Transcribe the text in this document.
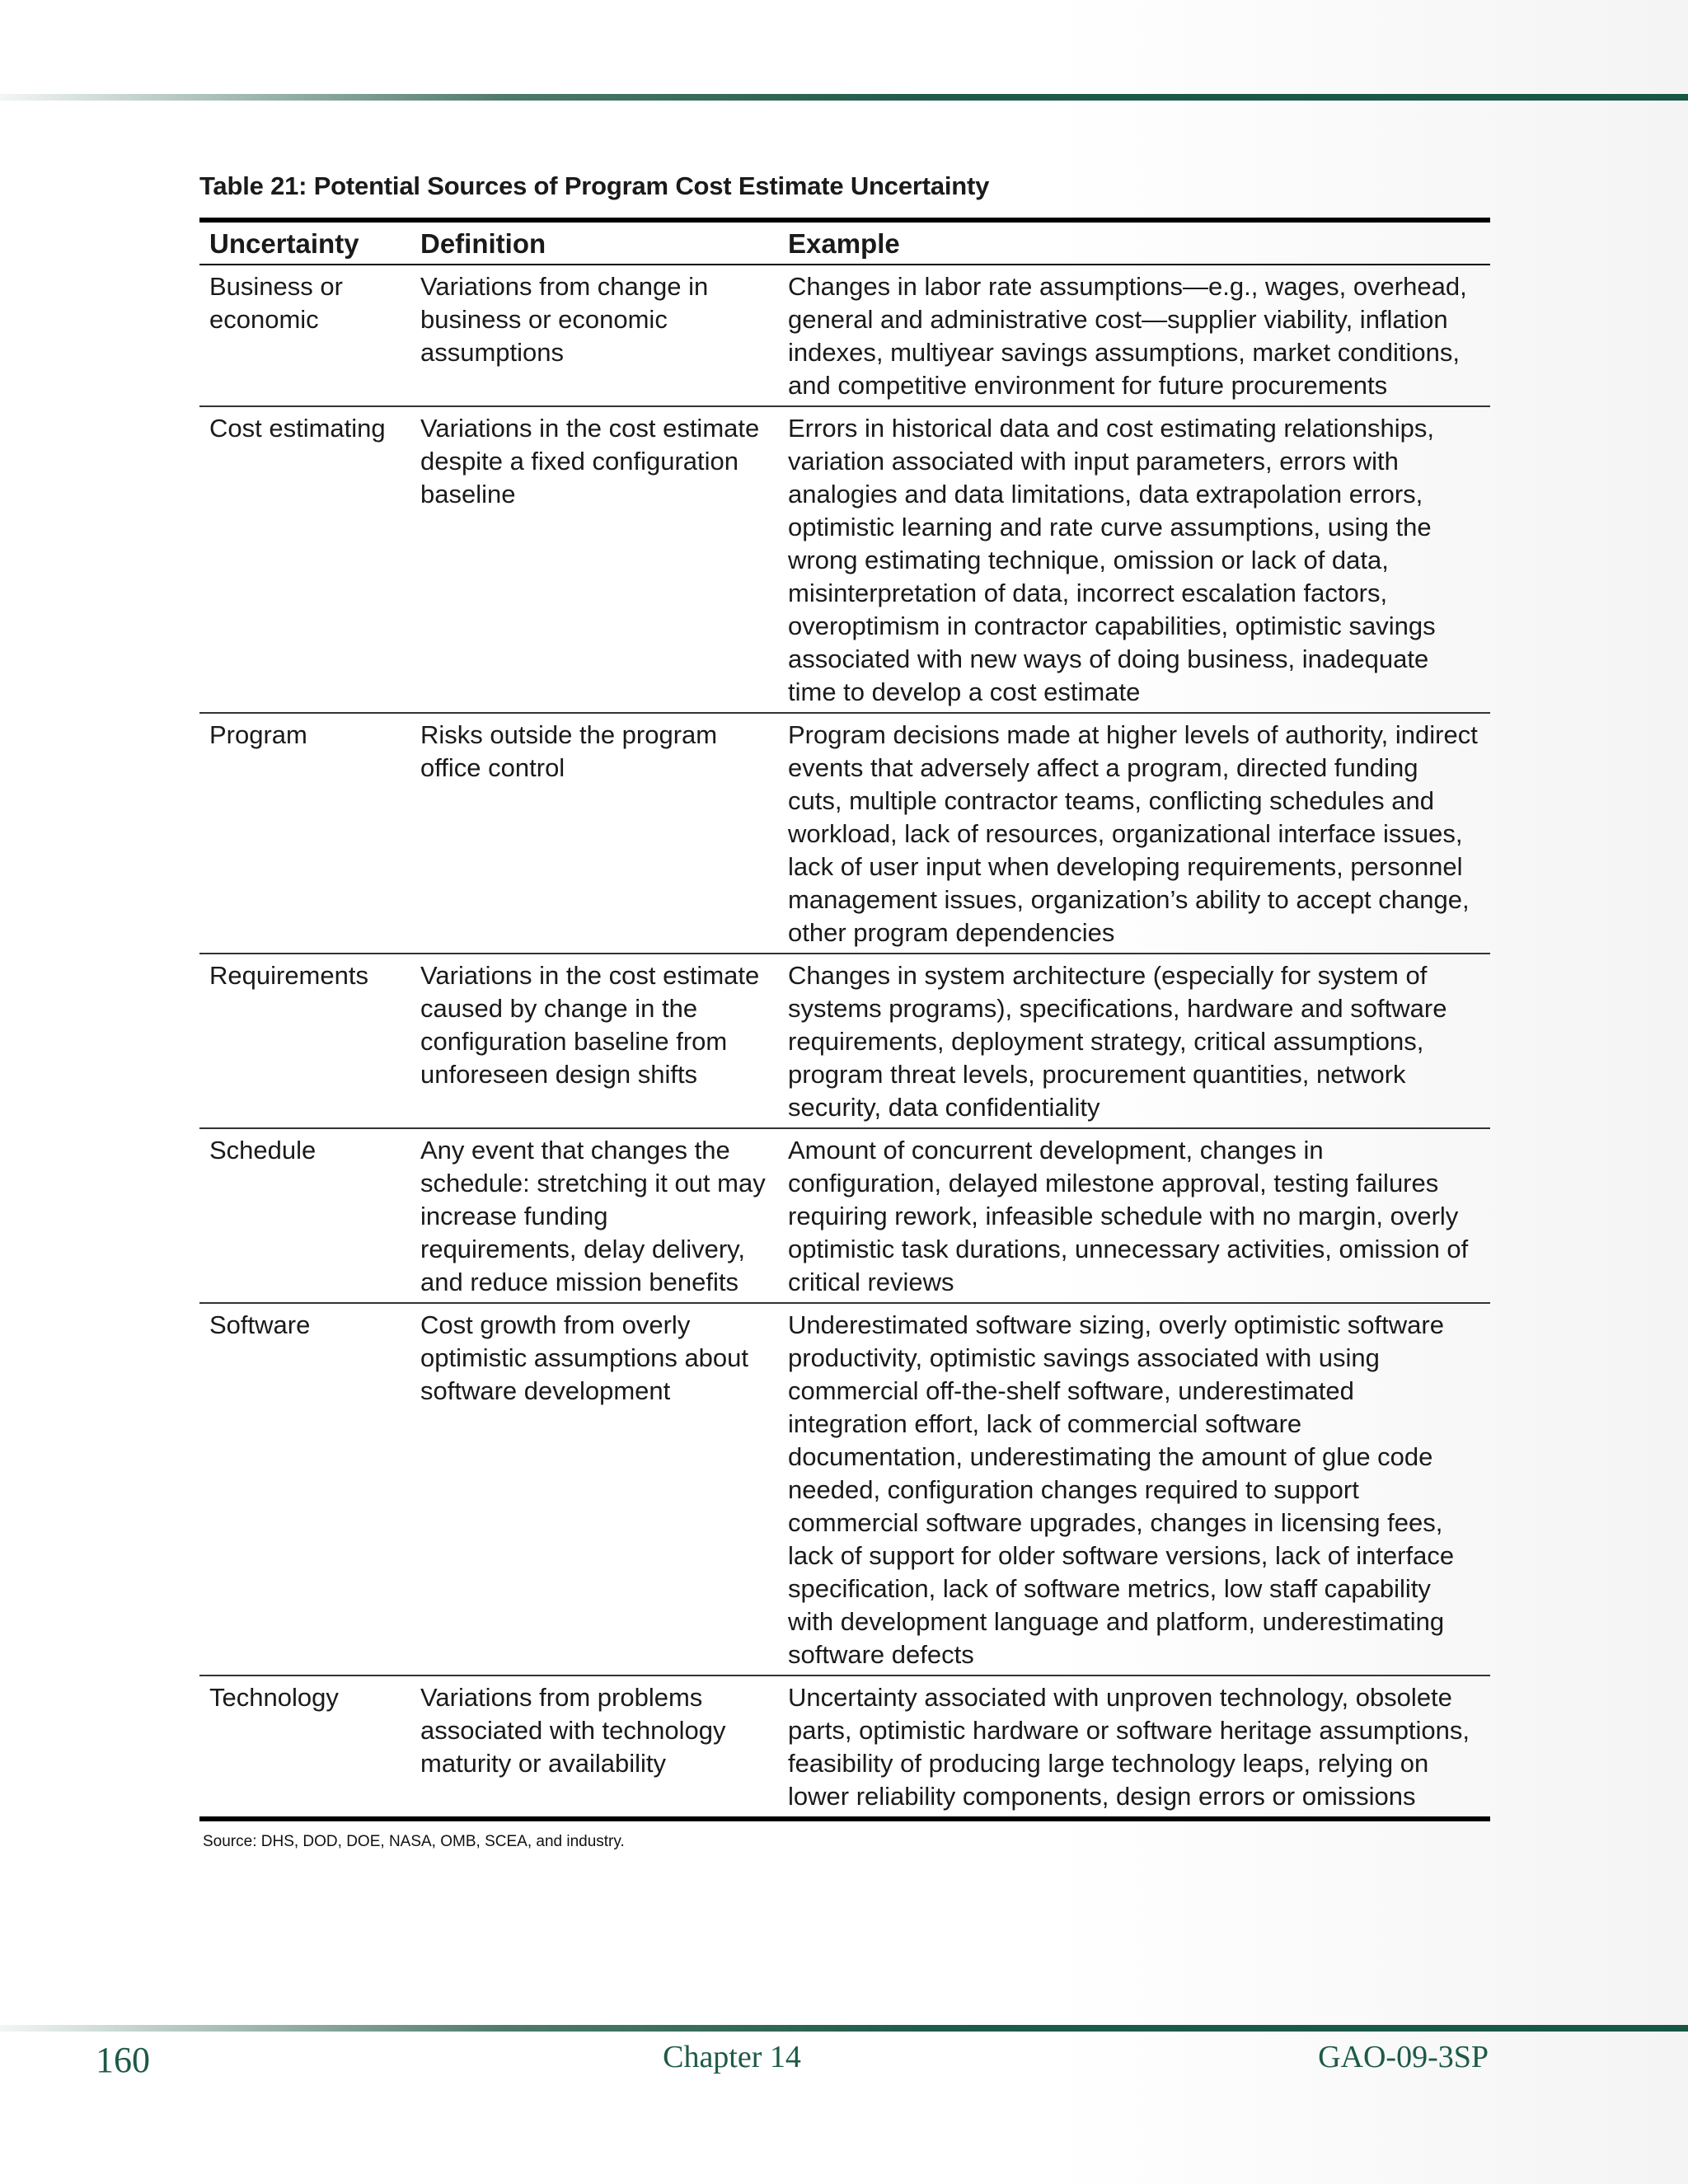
Table 21: Potential Sources of Program Cost Estimate Uncertainty
Uncertainty	Definition	Example
Business or economic	Variations from change in business or economic assumptions	Changes in labor rate assumptions—e.g., wages, overhead, general and administrative cost—supplier viability, inflation indexes, multiyear savings assumptions, market conditions, and competitive environment for future procurements
Cost estimating	Variations in the cost estimate despite a fixed configuration baseline	Errors in historical data and cost estimating relationships, variation associated with input parameters, errors with analogies and data limitations, data extrapolation errors, optimistic learning and rate curve assumptions, using the wrong estimating technique, omission or lack of data, misinterpretation of data, incorrect escalation factors, overoptimism in contractor capabilities, optimistic savings associated with new ways of doing business, inadequate time to develop a cost estimate
Program	Risks outside the program office control	Program decisions made at higher levels of authority, indirect events that adversely affect a program, directed funding cuts, multiple contractor teams, conflicting schedules and workload, lack of resources, organizational interface issues, lack of user input when developing requirements, personnel management issues, organization’s ability to accept change, other program dependencies
Requirements	Variations in the cost estimate caused by change in the configuration baseline from unforeseen design shifts	Changes in system architecture (especially for system of systems programs), specifications, hardware and software requirements, deployment strategy, critical assumptions, program threat levels, procurement quantities, network security, data confidentiality
Schedule	Any event that changes the schedule: stretching it out may increase funding requirements, delay delivery, and reduce mission benefits	Amount of concurrent development, changes in configuration, delayed milestone approval, testing failures requiring rework, infeasible schedule with no margin, overly optimistic task durations, unnecessary activities, omission of critical reviews
Software	Cost growth from overly optimistic assumptions about software development	Underestimated software sizing, overly optimistic software productivity, optimistic savings associated with using commercial off-the-shelf software, underestimated integration effort, lack of commercial software documentation, underestimating the amount of glue code needed, configuration changes required to support commercial software upgrades, changes in licensing fees, lack of support for older software versions, lack of interface specification, lack of software metrics, low staff capability with development language and platform, underestimating software defects
Technology	Variations from problems associated with technology maturity or availability	Uncertainty associated with unproven technology, obsolete parts, optimistic hardware or software heritage assumptions, feasibility of producing large technology leaps, relying on lower reliability components, design errors or omissions
Source: DHS, DOD, DOE, NASA, OMB, SCEA, and industry.
160	Chapter 14	GAO-09-3SP
